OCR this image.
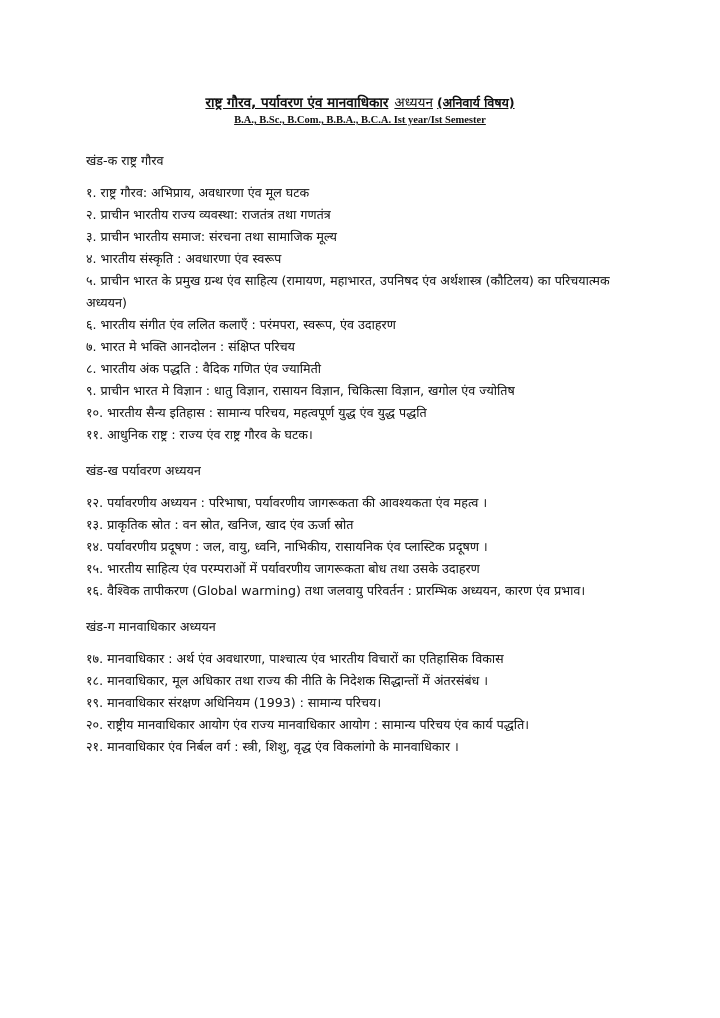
राष्ट्र गौरव, पर्यावरण एंव मानवाधिकार अध्ययन (अनिवार्य विषय)
B.A., B.Sc., B.Com., B.B.A., B.C.A. Ist year/Ist Semester
खंड-क राष्ट्र गौरव
१. राष्ट्र गौरव: अभिप्राय, अवधारणा एंव मूल घटक
२. प्राचीन भारतीय राज्य व्यवस्था: राजतंत्र तथा गणतंत्र
३. प्राचीन भारतीय समाज: संरचना तथा सामाजिक मूल्य
४. भारतीय संस्कृति : अवधारणा एंव स्वरूप
५. प्राचीन भारत के प्रमुख ग्रन्थ एंव साहित्य (रामायण, महाभारत, उपनिषद एंव अर्थशास्त्र (कौटिलय) का परिचयात्मक अध्ययन)
६. भारतीय संगीत एंव ललित कलाएँ : परंमपरा, स्वरूप, एंव उदाहरण
७. भारत मे भक्ति आनदोलन : संक्षिप्त परिचय
८. भारतीय अंक पद्धति : वैदिक गणित एंव ज्यामिती
९. प्राचीन भारत मे विज्ञान : धातु विज्ञान, रासायन विज्ञान, चिकित्सा विज्ञान, खगोल एंव ज्योतिष
१०. भारतीय सैन्य इतिहास : सामान्य परिचय, महत्वपूर्ण युद्ध एंव युद्ध पद्धति
११. आधुनिक राष्ट्र : राज्य एंव राष्ट्र गौरव के घटक।
खंड-ख पर्यावरण अध्ययन
१२. पर्यावरणीय अध्ययन : परिभाषा, पर्यावरणीय जागरूकता की आवश्यकता एंव महत्व ।
१३. प्राकृतिक स्रोत : वन स्रोत, खनिज, खाद एंव ऊर्जा स्रोत
१४. पर्यावरणीय प्रदूषण : जल, वायु, ध्वनि, नाभिकीय, रासायनिक एंव प्लास्टिक प्रदूषण ।
१५. भारतीय साहित्य एंव परम्पराओं में पर्यावरणीय जागरूकता बोध तथा उसके उदाहरण
१६. वैश्विक तापीकरण (Global warming) तथा जलवायु परिवर्तन : प्रारम्भिक अध्ययन, कारण एंव प्रभाव।
खंड-ग मानवाधिकार अध्ययन
१७. मानवाधिकार : अर्थ एंव अवधारणा, पाश्चात्य एंव भारतीय विचारों का एतिहासिक विकास
१८. मानवाधिकार, मूल अधिकार तथा राज्य की नीति के निदेशक सिद्धान्तों में अंतरसंबंध ।
१९. मानवाधिकार संरक्षण अधिनियम (1993) : सामान्य परिचय।
२०. राष्ट्रीय मानवाधिकार आयोग एंव राज्य मानवाधिकार आयोग : सामान्य परिचय एंव कार्य पद्धति।
२१. मानवाधिकार एंव निर्बल वर्ग : स्त्री, शिशु, वृद्ध एंव विकलांगो के मानवाधिकार ।
